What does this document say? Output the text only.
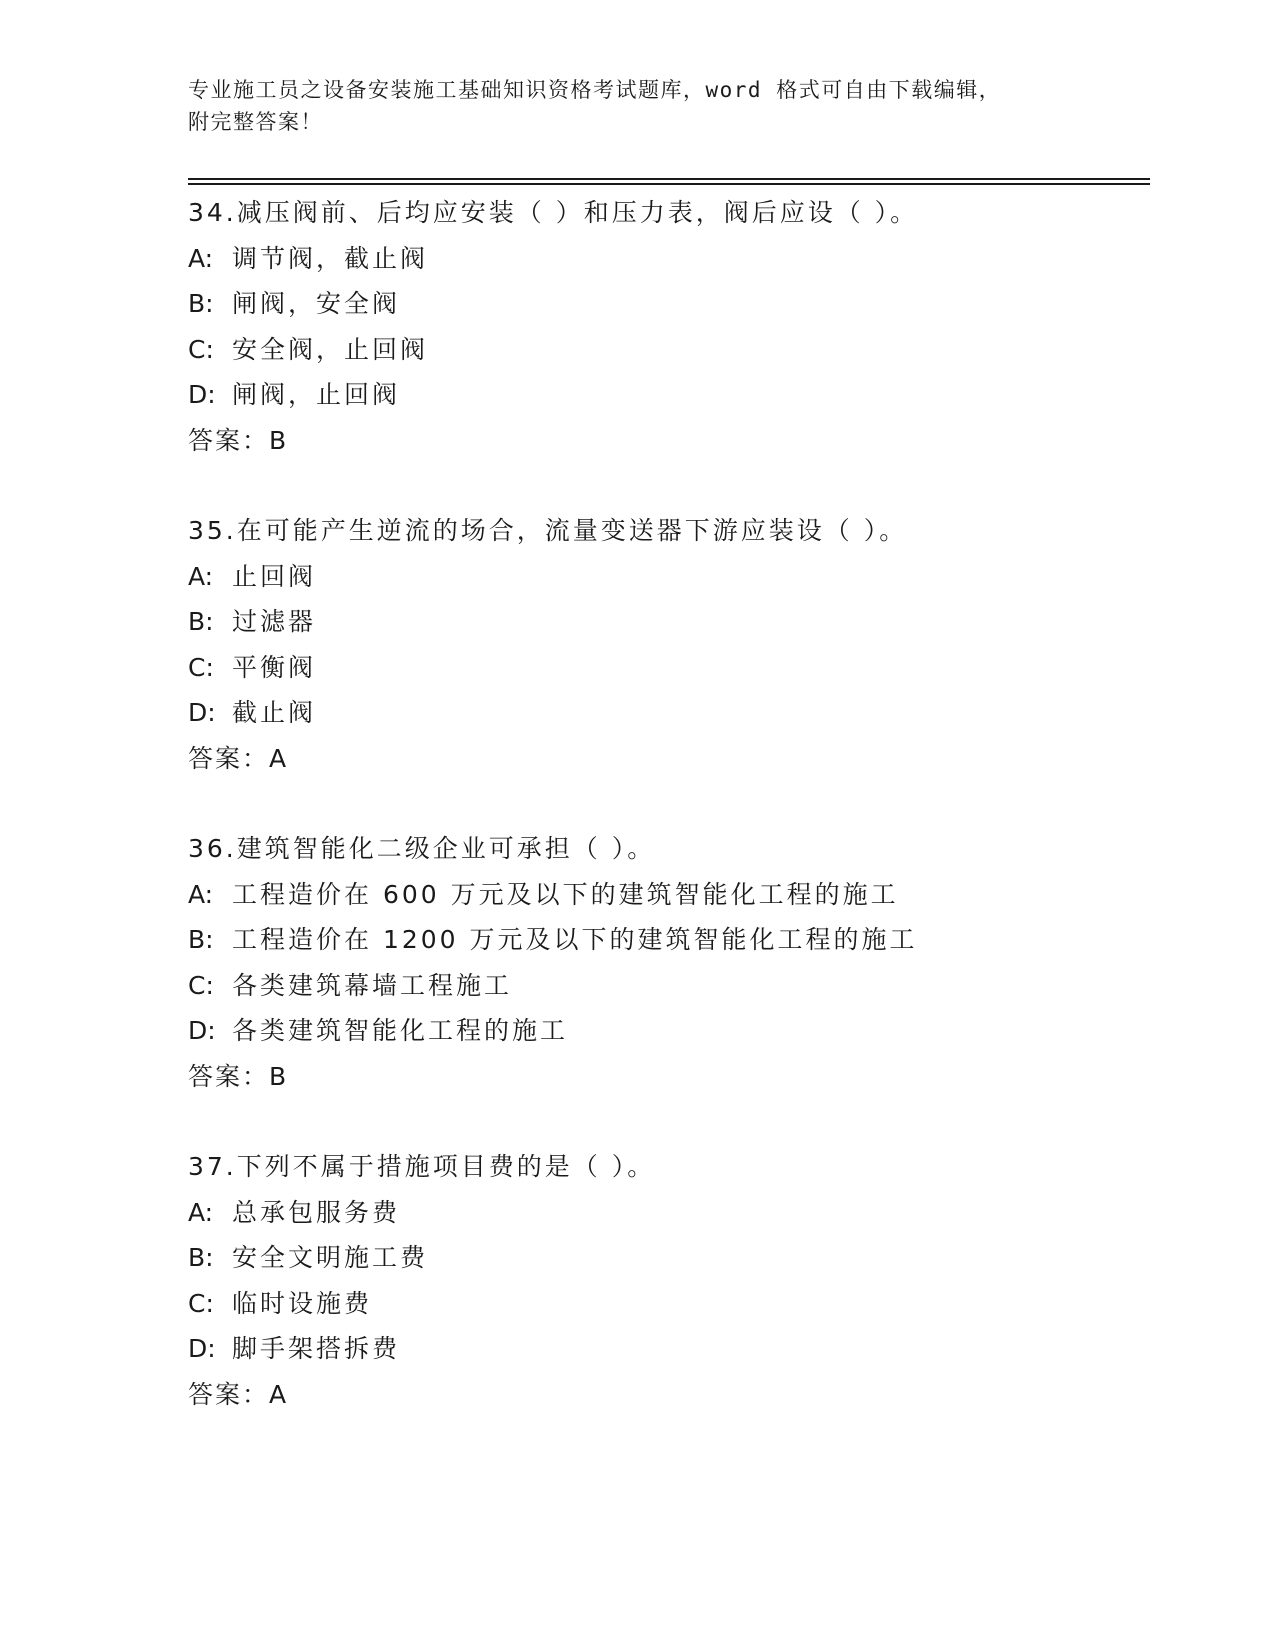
专业施工员之设备安装施工基础知识资格考试题库，word 格式可自由下载编辑，
附完整答案！
34.减压阀前、后均应安装（ ）和压力表，阀后应设（ ）。
A: 调节阀，截止阀
B: 闸阀，安全阀
C: 安全阀，止回阀
D: 闸阀，止回阀
答案：B
35.在可能产生逆流的场合，流量变送器下游应装设（ ）。
A: 止回阀
B: 过滤器
C: 平衡阀
D: 截止阀
答案：A
36.建筑智能化二级企业可承担（ ）。
A: 工程造价在 600 万元及以下的建筑智能化工程的施工
B: 工程造价在 1200 万元及以下的建筑智能化工程的施工
C: 各类建筑幕墙工程施工
D: 各类建筑智能化工程的施工
答案：B
37.下列不属于措施项目费的是（ ）。
A: 总承包服务费
B: 安全文明施工费
C: 临时设施费
D: 脚手架搭拆费
答案：A
